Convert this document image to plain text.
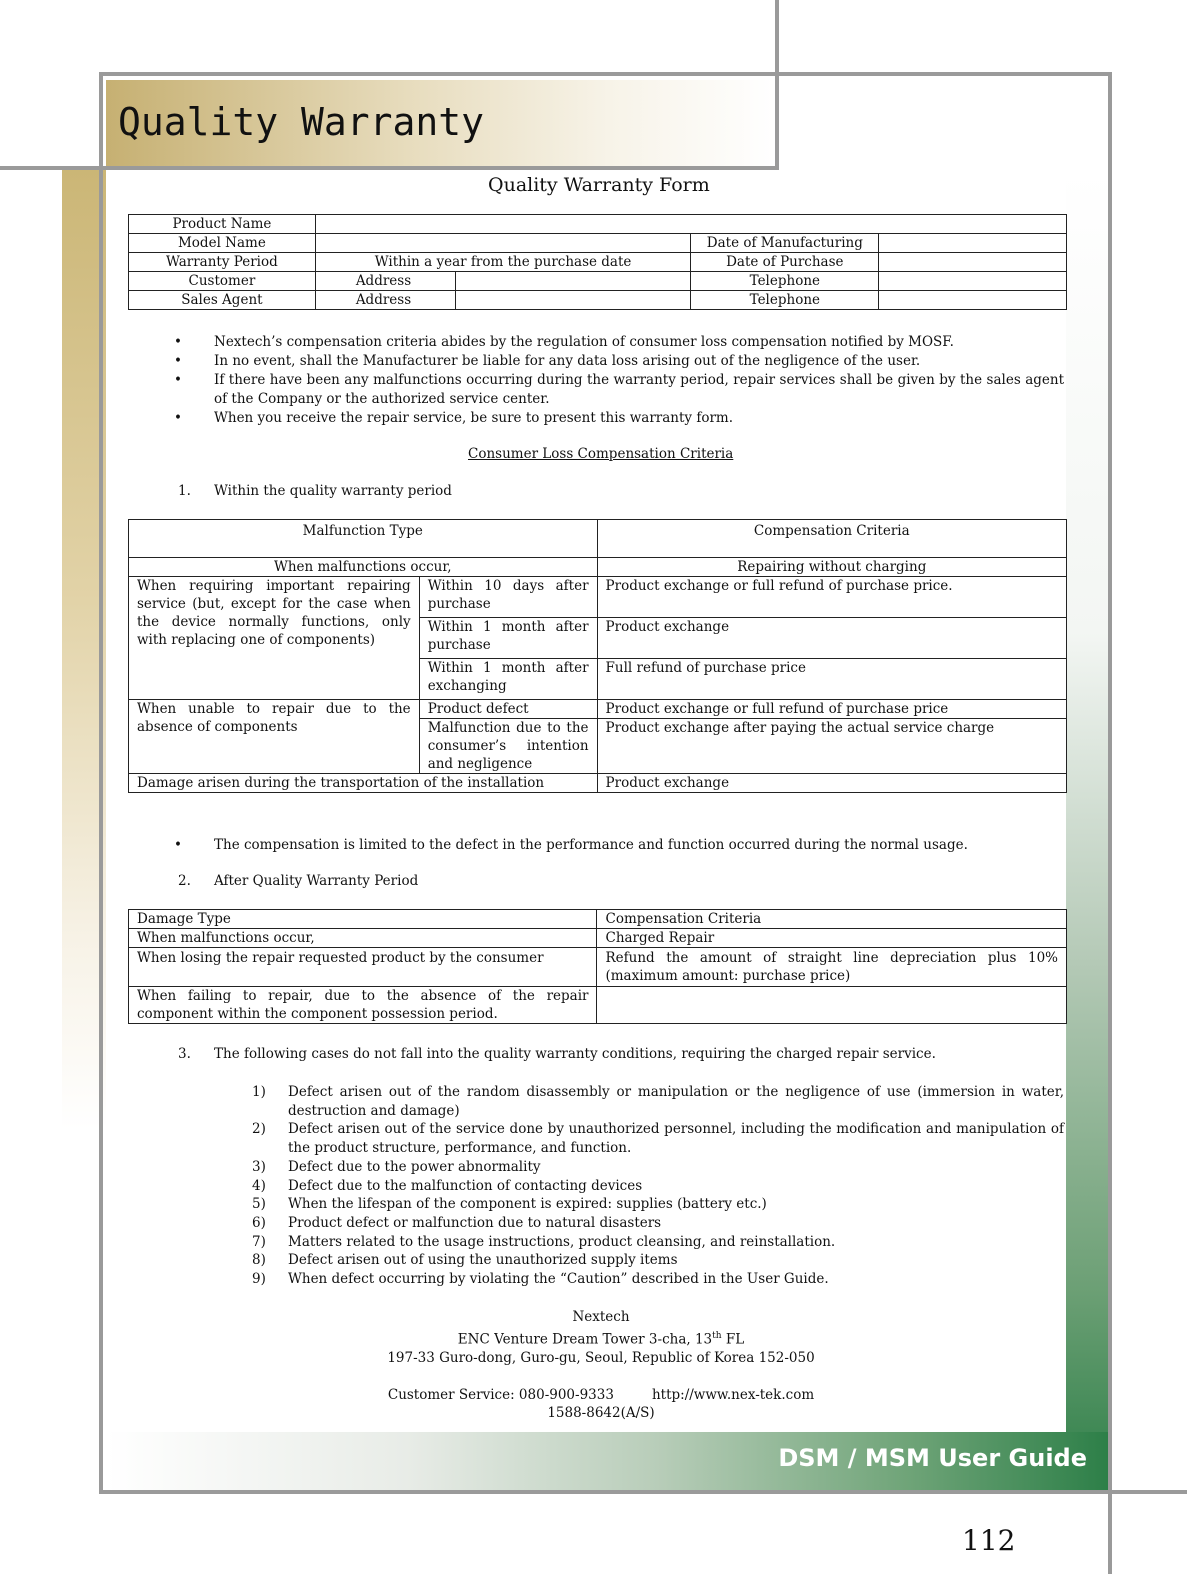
Quality Warranty
Quality Warranty Form
Product Name				
Model Name			Date of Manufacturing	
Warranty Period	Within a year from the purchase date		Date of Purchase	
Customer	Address		Telephone	
Sales Agent	Address		Telephone	
• Nextech’s compensation criteria abides by the regulation of consumer loss compensation notified by MOSF.
• In no event, shall the Manufacturer be liable for any data loss arising out of the negligence of the user.
• If there have been any malfunctions occurring during the warranty period, repair services shall be given by the sales agent of the Company or the authorized service center.
• When you receive the repair service, be sure to present this warranty form.
Consumer Loss Compensation Criteria
1. Within the quality warranty period
Malfunction Type		Compensation Criteria
When malfunctions occur,		Repairing without charging
When requiring important repairing service (but, except for the case when the device normally functions, only with replacing one of components)	Within 10 days after purchase	Product exchange or full refund of purchase price.
	Within 1 month after purchase	Product exchange
	Within 1 month after exchanging	Full refund of purchase price
When unable to repair due to the absence of components	Product defect	Product exchange or full refund of purchase price
	Malfunction due to the consumer’s intention and negligence	Product exchange after paying the actual service charge
Damage arisen during the transportation of the installation		Product exchange
• The compensation is limited to the defect in the performance and function occurred during the normal usage.
2. After Quality Warranty Period
Damage Type	Compensation Criteria
When malfunctions occur,	Charged Repair
When losing the repair requested product by the consumer	Refund the amount of straight line depreciation plus 10% (maximum amount: purchase price)
When failing to repair, due to the absence of the repair component within the component possession period.	
3. The following cases do not fall into the quality warranty conditions, requiring the charged repair service.
1) Defect arisen out of the random disassembly or manipulation or the negligence of use (immersion in water, destruction and damage)
2) Defect arisen out of the service done by unauthorized personnel, including the modification and manipulation of the product structure, performance, and function.
3) Defect due to the power abnormality
4) Defect due to the malfunction of contacting devices
5) When the lifespan of the component is expired: supplies (battery etc.)
6) Product defect or malfunction due to natural disasters
7) Matters related to the usage instructions, product cleansing, and reinstallation.
8) Defect arisen out of using the unauthorized supply items
9) When defect occurring by violating the “Caution” described in the User Guide.
Nextech
ENC Venture Dream Tower 3-cha, 13th FL
197-33 Guro-dong, Guro-gu, Seoul, Republic of Korea 152-050
Customer Service: 080-900-9333	http://www.nex-tek.com
1588-8642(A/S)
DSM / MSM User Guide
112
